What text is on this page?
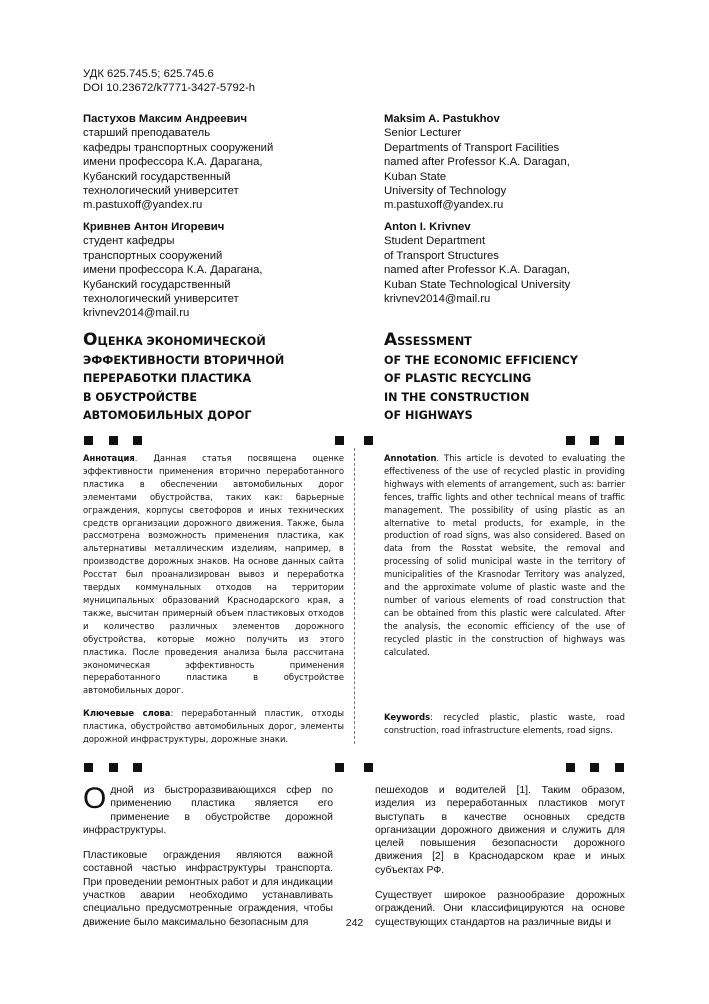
УДК 625.745.5; 625.745.6
DOI 10.23672/k7771-3427-5792-h
Пастухов Максим Андреевич
старший преподаватель
кафедры транспортных сооружений
имени профессора К.А. Дарагана,
Кубанский государственный
технологический университет
m.pastuxoff@yandex.ru
Кривнев Антон Игоревич
студент кафедры
транспортных сооружений
имени профессора К.А. Дарагана,
Кубанский государственный
технологический университет
krivnev2014@mail.ru
Maksim A. Pastukhov
Senior Lecturer
Departments of Transport Facilities
named after Professor K.A. Daragan,
Kuban State
University of Technology
m.pastuxoff@yandex.ru
Anton I. Krivnev
Student Department
of Transport Structures
named after Professor K.A. Daragan,
Kuban State Technological University
krivnev2014@mail.ru
ОЦЕНКА ЭКОНОМИЧЕСКОЙ
ЭФФЕКТИВНОСТИ ВТОРИЧНОЙ
ПЕРЕРАБОТКИ ПЛАСТИКА
В ОБУСТРОЙСТВЕ
АВТОМОБИЛЬНЫХ ДОРОГ
ASSESSMENT
OF THE ECONOMIC EFFICIENCY
OF PLASTIC RECYCLING
IN THE CONSTRUCTION
OF HIGHWAYS

Аннотация. Данная статья посвящена оценке эффективности применения вторично переработанного пластика в обеспечении автомобильных дорог элементами обустройства, таких как: барьерные ограждения, корпусы светофоров и иных технических средств организации дорожного движения. Также, была рассмотрена возможность применения пластика, как альтернативы металлическим изделиям, например, в производстве дорожных знаков. На основе данных сайта Росстат был проанализирован вывоз и переработка твердых коммунальных отходов на территории муниципальных образований Краснодарского края, а также, высчитан примерный объем пластиковых отходов и количество различных элементов дорожного обустройства, которые можно получить из этого пластика. После проведения анализа была рассчитана экономическая эффективность применения переработанного пластика в обустройстве автомобильных дорог.

Ключевые слова: переработанный пластик, отходы пластика, обустройство автомобильных дорог, элементы дорожной инфраструктуры, дорожные знаки.

Annotation. This article is devoted to evaluating the effectiveness of the use of recycled plastic in providing highways with elements of arrangement, such as: barrier fences, traffic lights and other technical means of traffic management. The possibility of using plastic as an alternative to metal products, for example, in the production of road signs, was also considered. Based on data from the Rosstat website, the removal and processing of solid municipal waste in the territory of municipalities of the Krasnodar Territory was analyzed, and the approximate volume of plastic waste and the number of various elements of road construction that can be obtained from this plastic were calculated. After the analysis, the economic efficiency of the use of recycled plastic in the construction of highways was calculated.

Keywords: recycled plastic, plastic waste, road construction, road infrastructure elements, road signs.

Одной из быстроразвивающихся сфер по применению пластика является его применение в обустройстве дорожной инфраструктуры.

Пластиковые ограждения являются важной составной частью инфраструктуры транспорта. При проведении ремонтных работ и для индикации участков аварии необходимо устанавливать специально предусмотренные ограждения, чтобы движение было максимально безопасным для

пешеходов и водителей [1]. Таким образом, изделия из переработанных пластиков могут выступать в качестве основных средств организации дорожного движения и служить для целей повышения безопасности дорожного движения [2] в Краснодарском крае и иных субъектах РФ.

Существует широкое разнообразие дорожных ограждений. Они классифицируются на основе существующих стандартов на различные виды и

242
